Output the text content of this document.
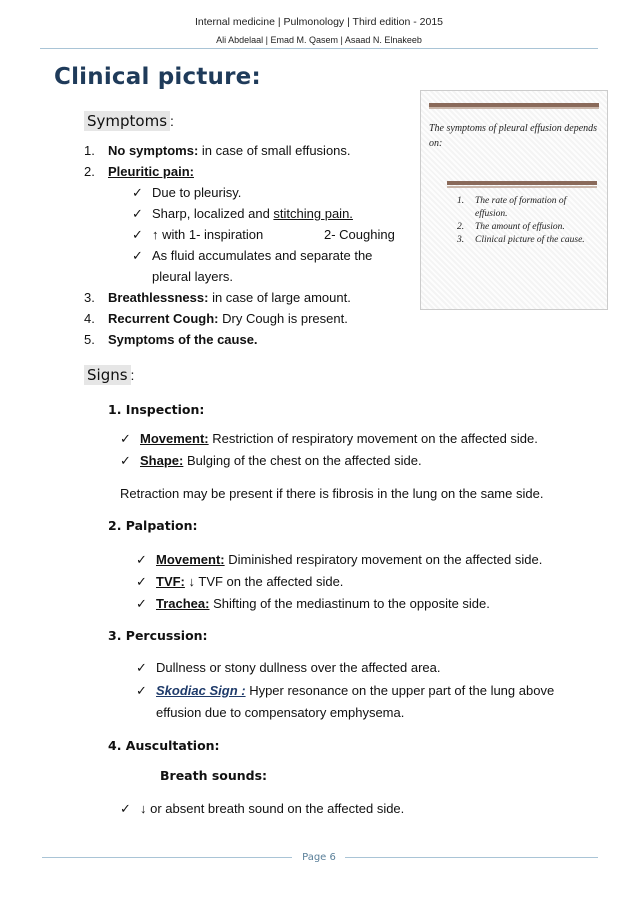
Internal medicine | Pulmonology | Third edition - 2015
Ali Abdelaal | Emad M. Qasem | Asaad N. Elnakeeb
Clinical picture:
Symptoms :
1. No symptoms: in case of small effusions.
2. Pleuritic pain:
✓ Due to pleurisy.
✓ Sharp, localized and stitching pain.
✓ ↑ with 1- inspiration	2- Coughing
✓ As fluid accumulates and separate the
pleural layers.
3. Breathlessness: in case of large amount.
4. Recurrent Cough: Dry Cough is present.
5. Symptoms of the cause.
The symptoms of pleural effusion depends on:
1. The rate of formation of effusion.
2. The amount of effusion.
3. Clinical picture of the cause.
Signs :
1. Inspection:
✓ Movement: Restriction of respiratory movement on the affected side.
✓ Shape: Bulging of the chest on the affected side.
Retraction may be present if there is fibrosis in the lung on the same side.
2. Palpation:
✓ Movement: Diminished respiratory movement on the affected side.
✓ TVF: ↓ TVF on the affected side.
✓ Trachea: Shifting of the mediastinum to the opposite side.
3. Percussion:
✓ Dullness or stony dullness over the affected area.
✓ Skodiac Sign : Hyper resonance on the upper part of the lung above
effusion due to compensatory emphysema.
4. Auscultation:
Breath sounds:
✓ ↓ or absent breath sound on the affected side.
Page 6
